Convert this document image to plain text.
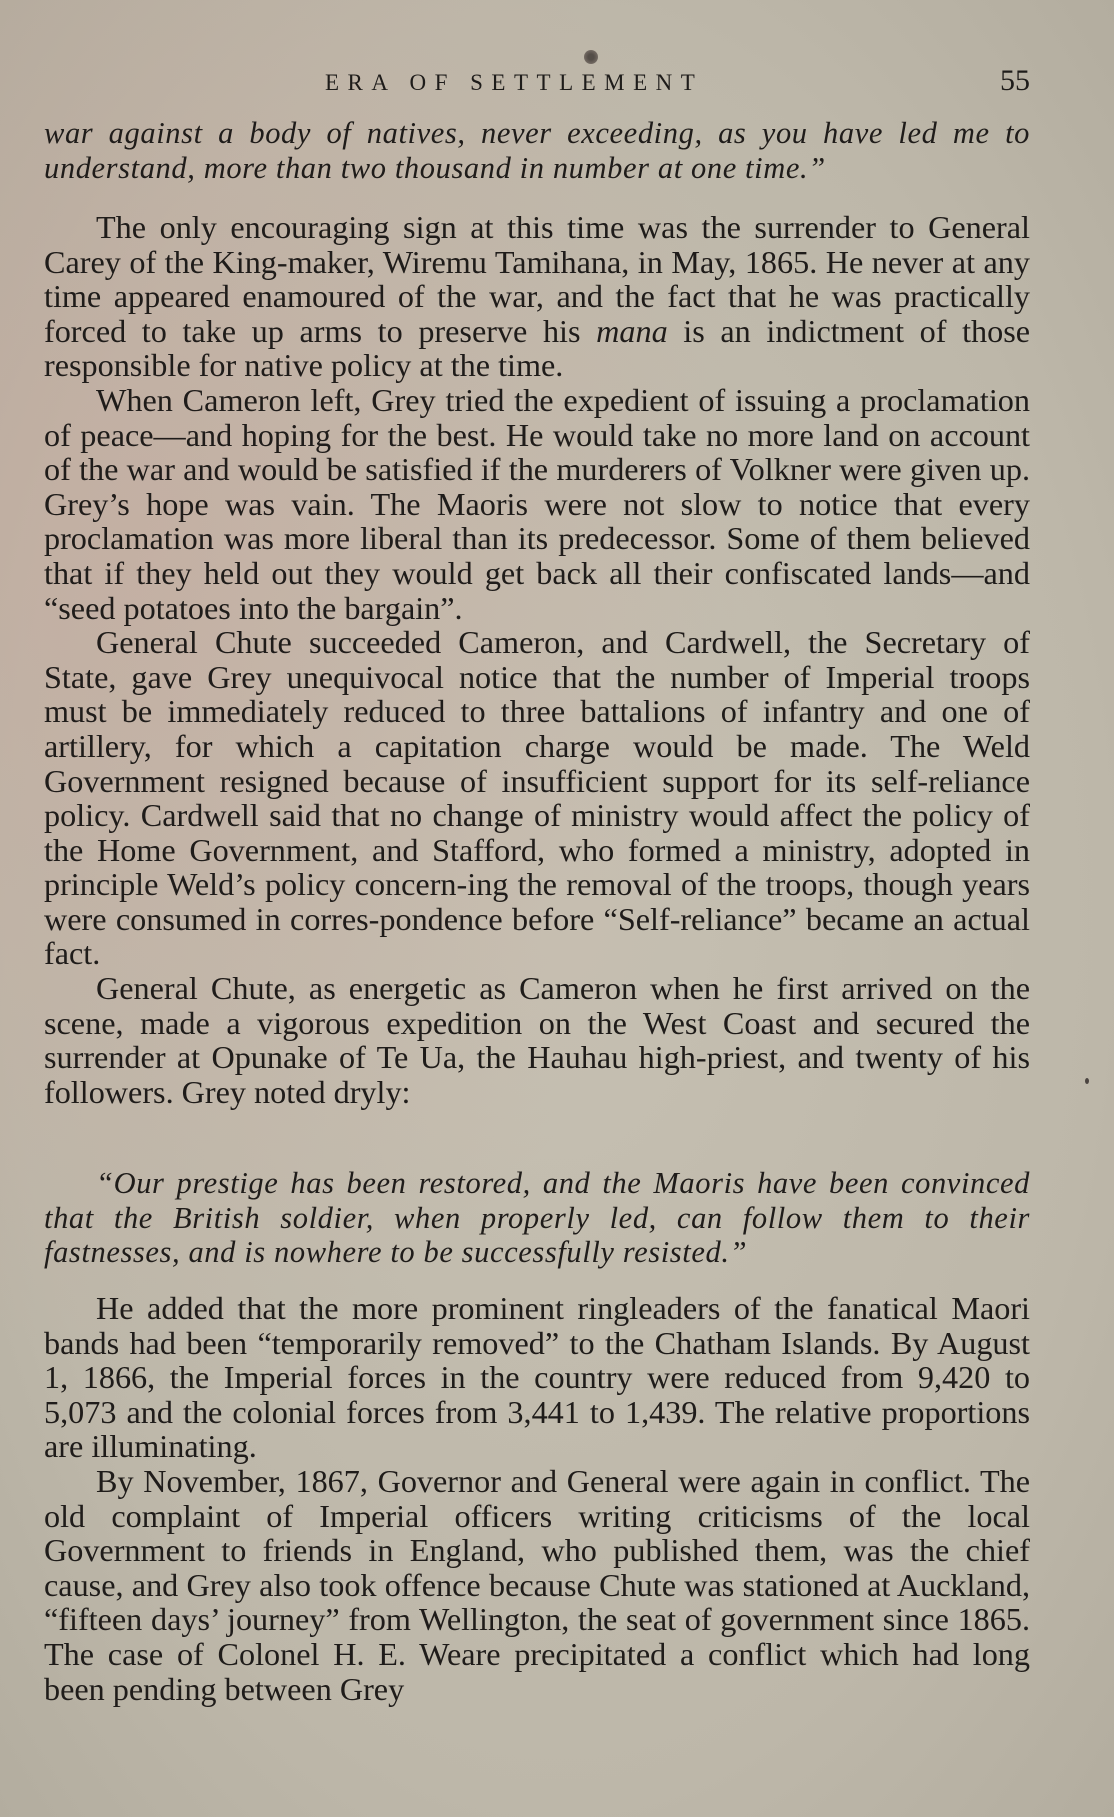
ERA OF SETTLEMENT	55

war against a body of natives, never exceeding, as you have led me to understand, more than two thousand in number at one time.”

The only encouraging sign at this time was the surrender to General Carey of the King-maker, Wiremu Tamihana, in May, 1865. He never at any time appeared enamoured of the war, and the fact that he was practically forced to take up arms to preserve his mana is an indictment of those responsible for native policy at the time.

When Cameron left, Grey tried the expedient of issuing a proclamation of peace—and hoping for the best. He would take no more land on account of the war and would be satisfied if the murderers of Volkner were given up. Grey’s hope was vain. The Maoris were not slow to notice that every proclamation was more liberal than its predecessor. Some of them believed that if they held out they would get back all their confiscated lands—and “seed potatoes into the bargain”.

General Chute succeeded Cameron, and Cardwell, the Secretary of State, gave Grey unequivocal notice that the number of Imperial troops must be immediately reduced to three battalions of infantry and one of artillery, for which a capitation charge would be made. The Weld Government resigned because of insufficient support for its self-reliance policy. Cardwell said that no change of ministry would affect the policy of the Home Government, and Stafford, who formed a ministry, adopted in principle Weld’s policy concern-ing the removal of the troops, though years were consumed in corres-pondence before “Self-reliance” became an actual fact.

General Chute, as energetic as Cameron when he first arrived on the scene, made a vigorous expedition on the West Coast and secured the surrender at Opunake of Te Ua, the Hauhau high-priest, and twenty of his followers. Grey noted dryly:

“Our prestige has been restored, and the Maoris have been convinced that the British soldier, when properly led, can follow them to their fastnesses, and is nowhere to be successfully resisted.”

He added that the more prominent ringleaders of the fanatical Maori bands had been “temporarily removed” to the Chatham Islands. By August 1, 1866, the Imperial forces in the country were reduced from 9,420 to 5,073 and the colonial forces from 3,441 to 1,439. The relative proportions are illuminating.

By November, 1867, Governor and General were again in conflict. The old complaint of Imperial officers writing criticisms of the local Government to friends in England, who published them, was the chief cause, and Grey also took offence because Chute was stationed at Auckland, “fifteen days’ journey” from Wellington, the seat of government since 1865. The case of Colonel H. E. Weare precipitated a conflict which had long been pending between Grey
